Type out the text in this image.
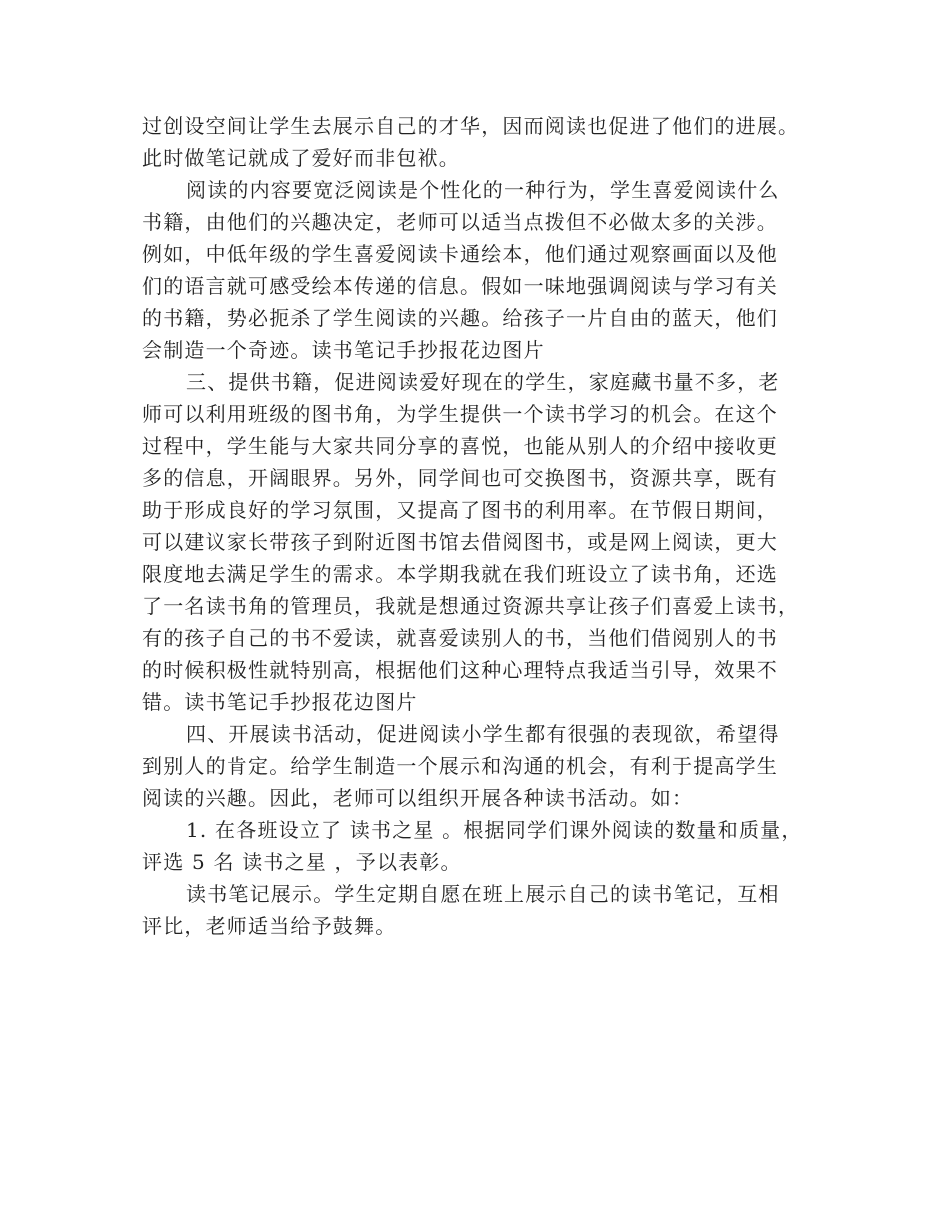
过创设空间让学生去展示自己的才华，因而阅读也促进了他们的进展。
此时做笔记就成了爱好而非包袱。
阅读的内容要宽泛阅读是个性化的一种行为，学生喜爱阅读什么
书籍，由他们的兴趣决定，老师可以适当点拨但不必做太多的关涉。
例如，中低年级的学生喜爱阅读卡通绘本，他们通过观察画面以及他
们的语言就可感受绘本传递的信息。假如一味地强调阅读与学习有关
的书籍，势必扼杀了学生阅读的兴趣。给孩子一片自由的蓝天，他们
会制造一个奇迹。读书笔记手抄报花边图片
三、提供书籍，促进阅读爱好现在的学生，家庭藏书量不多，老
师可以利用班级的图书角，为学生提供一个读书学习的机会。在这个
过程中，学生能与大家共同分享的喜悦，也能从别人的介绍中接收更
多的信息，开阔眼界。另外，同学间也可交换图书，资源共享，既有
助于形成良好的学习氛围，又提高了图书的利用率。在节假日期间，
可以建议家长带孩子到附近图书馆去借阅图书，或是网上阅读，更大
限度地去满足学生的需求。本学期我就在我们班设立了读书角，还选
了一名读书角的管理员，我就是想通过资源共享让孩子们喜爱上读书，
有的孩子自己的书不爱读，就喜爱读别人的书，当他们借阅别人的书
的时候积极性就特别高，根据他们这种心理特点我适当引导，效果不
错。读书笔记手抄报花边图片
四、开展读书活动，促进阅读小学生都有很强的表现欲，希望得
到别人的肯定。给学生制造一个展示和沟通的机会，有利于提高学生
阅读的兴趣。因此，老师可以组织开展各种读书活动。如：
1. 在各班设立了 读书之星 。根据同学们课外阅读的数量和质量，
评选 5 名 读书之星 ，予以表彰。
读书笔记展示。学生定期自愿在班上展示自己的读书笔记，互相
评比，老师适当给予鼓舞。
